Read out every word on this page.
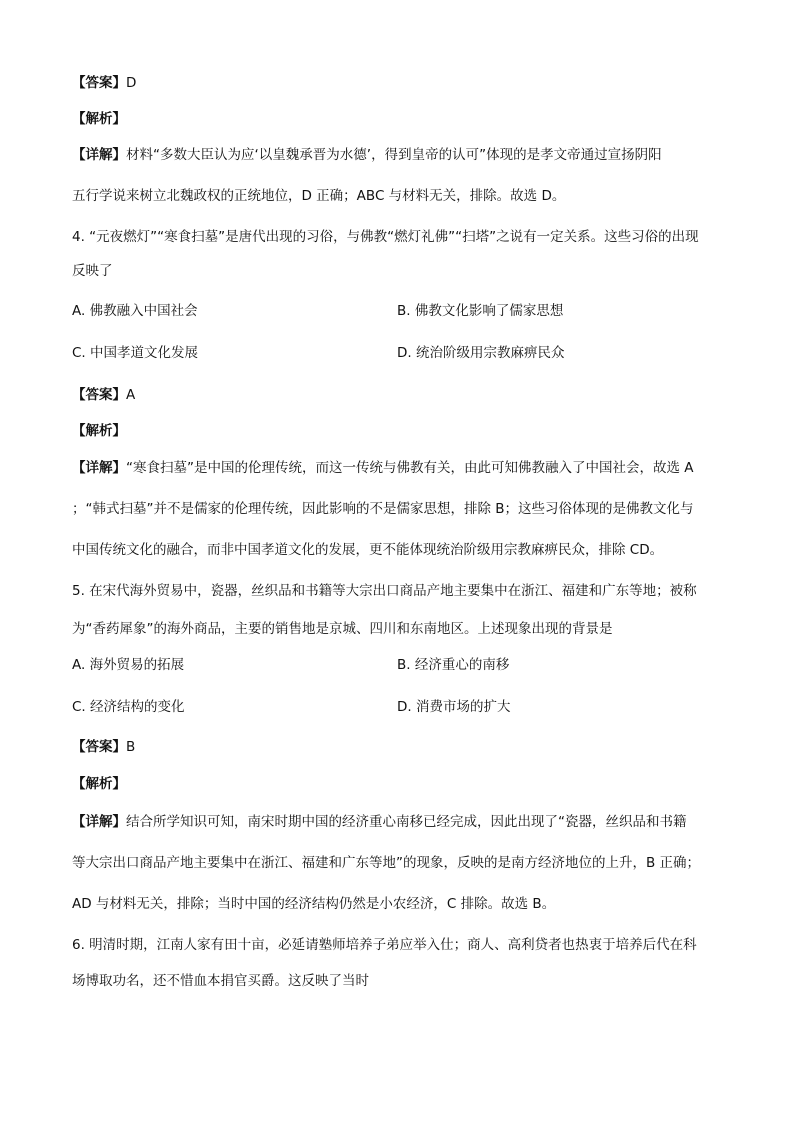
【答案】D
【解析】
【详解】材料“多数大臣认为应‘以皇魏承晋为水德’，得到皇帝的认可”体现的是孝文帝通过宣扬阴阳
五行学说来树立北魏政权的正统地位，D 正确；ABC 与材料无关，排除。故选 D。
4. “元夜燃灯”“寒食扫墓”是唐代出现的习俗，与佛教“燃灯礼佛”“扫塔”之说有一定关系。这些习俗的出现
反映了
A. 佛教融入中国社会	B. 佛教文化影响了儒家思想
C. 中国孝道文化发展	D. 统治阶级用宗教麻痹民众
【答案】A
【解析】
【详解】“寒食扫墓”是中国的伦理传统，而这一传统与佛教有关，由此可知佛教融入了中国社会，故选 A
；“韩式扫墓”并不是儒家的伦理传统，因此影响的不是儒家思想，排除 B；这些习俗体现的是佛教文化与
中国传统文化的融合，而非中国孝道文化的发展，更不能体现统治阶级用宗教麻痹民众，排除 CD。
5. 在宋代海外贸易中，瓷器，丝织品和书籍等大宗出口商品产地主要集中在浙江、福建和广东等地；被称
为“香药犀象”的海外商品，主要的销售地是京城、四川和东南地区。上述现象出现的背景是
A. 海外贸易的拓展	B. 经济重心的南移
C. 经济结构的变化	D. 消费市场的扩大
【答案】B
【解析】
【详解】结合所学知识可知，南宋时期中国的经济重心南移已经完成，因此出现了“瓷器，丝织品和书籍
等大宗出口商品产地主要集中在浙江、福建和广东等地”的现象，反映的是南方经济地位的上升，B 正确；
AD 与材料无关，排除；当时中国的经济结构仍然是小农经济，C 排除。故选 B。
6. 明清时期，江南人家有田十亩，必延请塾师培养子弟应举入仕；商人、高利贷者也热衷于培养后代在科
场博取功名，还不惜血本捐官买爵。这反映了当时
